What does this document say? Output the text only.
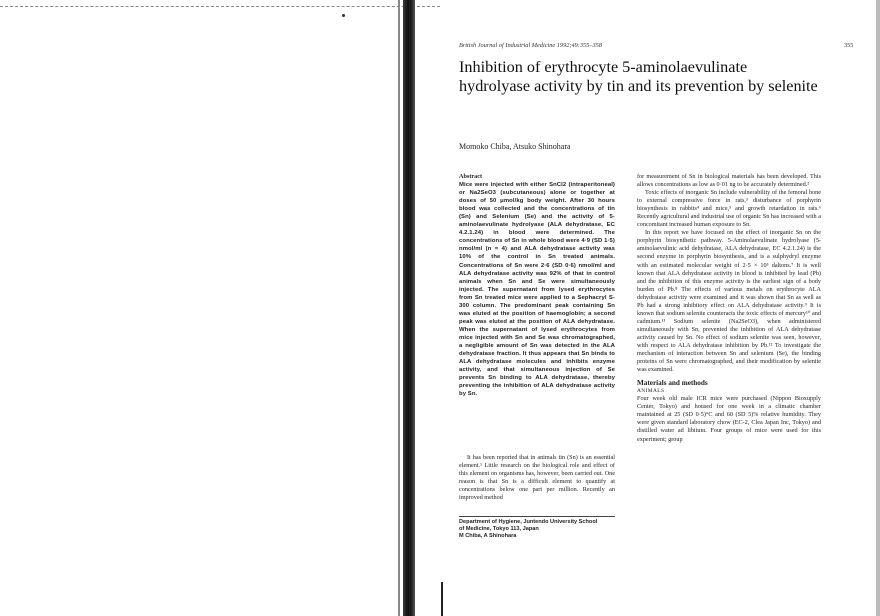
British Journal of Industrial Medicine 1992;49:355–358	355
Inhibition of erythrocyte 5-aminolaevulinate hydrolyase activity by tin and its prevention by selenite
Momoko Chiba, Atsuko Shinohara
Abstract

Mice were injected with either SnCl2 (intraperitoneal) or Na2SeO3 (subcutaneous) alone or together at doses of 50 μmol/kg body weight. After 30 hours blood was collected and the concentrations of tin (Sn) and Selenium (Se) and the activity of 5-aminolaevulinate hydrolyase (ALA dehydratase, EC 4.2.1.24) in blood were determined. The concentrations of Sn in whole blood were 4·9 (SD 1·5) nmol/ml (n = 4) and ALA dehydratase activity was 10% of the control in Sn treated animals. Concentrations of Sn were 2·6 (SD 0·6) nmol/ml and ALA dehydratase activity was 92% of that in control animals when Sn and Se were simultaneously injected. The supernatant from lysed erythrocytes from Sn treated mice were applied to a Sephacryl S-300 column. The predominant peak containing Sn was eluted at the position of haemoglobin; a second peak was eluted at the position of ALA dehydratase. When the supernatant of lysed erythrocytes from mice injected with Sn and Se was chromatographed, a negligible amount of Sn was detected in the ALA dehydratase fraction. It thus appears that Sn binds to ALA dehydratase molecules and inhibits enzyme activity, and that simultaneous injection of Se prevents Sn binding to ALA dehydratase, thereby preventing the inhibition of ALA dehydratase activity by Sn.

It has been reported that in animals tin (Sn) is an essential element.¹ Little research on the biological role and effect of this element on organisms has, however, been carried out. One reason is that Sn is a difficult element to quantify at concentrations below one part per million. Recently an improved method

Department of Hygiene, Juntendo University School
of Medicine, Tokyo 113, Japan
M Chiba, A Shinohara

for measurement of Sn in biological materials has been developed. This allows concentrations as low as 0·01 ng to be accurately determined.²

Toxic effects of inorganic Sn include vulnerability of the femoral bone to external compressive force in rats,³ disturbance of porphyrin biosynthesis in rabbits⁴ and mice,⁵ and growth retardation in rats.⁶ Recently agricultural and industrial use of organic Sn has increased with a concomitant increased human exposure to Sn.

In this report we have focused on the effect of inorganic Sn on the porphyrin biosynthetic pathway. 5-Aminolaevulinate hydrolyase (5-aminolaevulinic acid dehydratase, ALA dehydratase, EC 4.2.1.24) is the second enzyme in porphyrin biosynthesis, and is a sulphydryl enzyme with an estimated molecular weight of 2·5 × 10⁵ daltons.⁷ It is well known that ALA dehydratase activity in blood is inhibited by lead (Pb) and the inhibition of this enzyme activity is the earliest sign of a body burden of Pb.⁸ The effects of various metals on erythrocyte ALA dehydratase activity were examined and it was shown that Sn as well as Pb had a strong inhibitory effect on ALA dehydratase activity.⁹ It is known that sodium selenite counteracts the toxic effects of mercury¹⁰ and cadmium.¹¹ Sodium selenite (Na2SeO3), when administered simultaneously with Sn, prevented the inhibition of ALA dehydratase activity caused by Sn. No effect of sodium selenite was seen, however, with respect to ALA dehydratase inhibition by Pb.¹² To investigate the mechanism of interaction between Sn and selenium (Se), the binding proteins of Sn were chromatographed, and their modification by selenite was examined.

Materials and methods
ANIMALS

Four week old male ICR mice were purchased (Nippon Bioxupply Center, Tokyo) and housed for one week in a climatic chamber maintained at 25 (SD 0·5)°C and 60 (SD 5)% relative humidity. They were given standard laboratory chow (EC-2, Clea Japan Inc, Tokyo) and distilled water ad libitum. Four groups of mice were used for this experiment; group
